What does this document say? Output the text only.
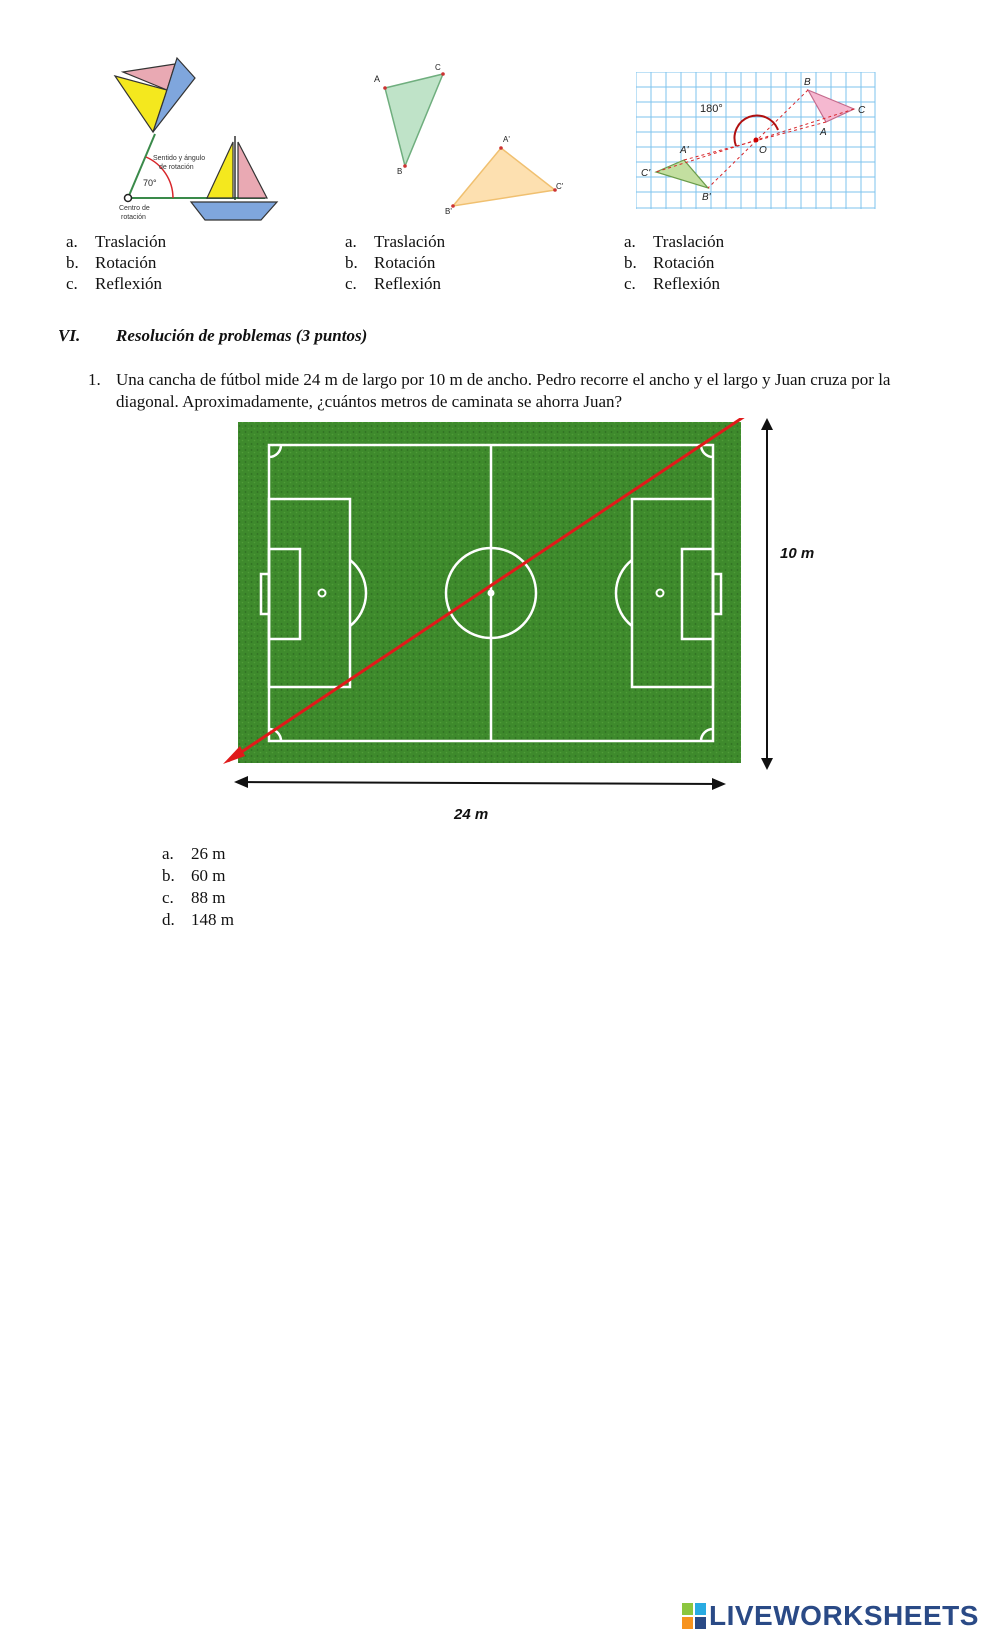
70°
Sentido y ángulo de rotación
Centro de rotación
A
C
B
A'
C'
B'
180°
O
B
C
A
A'
C'
B'
a. Traslación
b. Rotación
c. Reflexión
a. Traslación
b. Rotación
c. Reflexión
a. Traslación
b. Rotación
c. Reflexión
VI. Resolución de problemas (3 puntos)
1. Una cancha de fútbol mide 24 m de largo por 10 m de ancho. Pedro recorre el ancho y el largo y Juan cruza por la
diagonal. Aproximadamente, ¿cuántos metros de caminata se ahorra Juan?
10 m
24 m
a. 26 m
b. 60 m
c. 88 m
d. 148 m
LIVEWORKSHEETS
